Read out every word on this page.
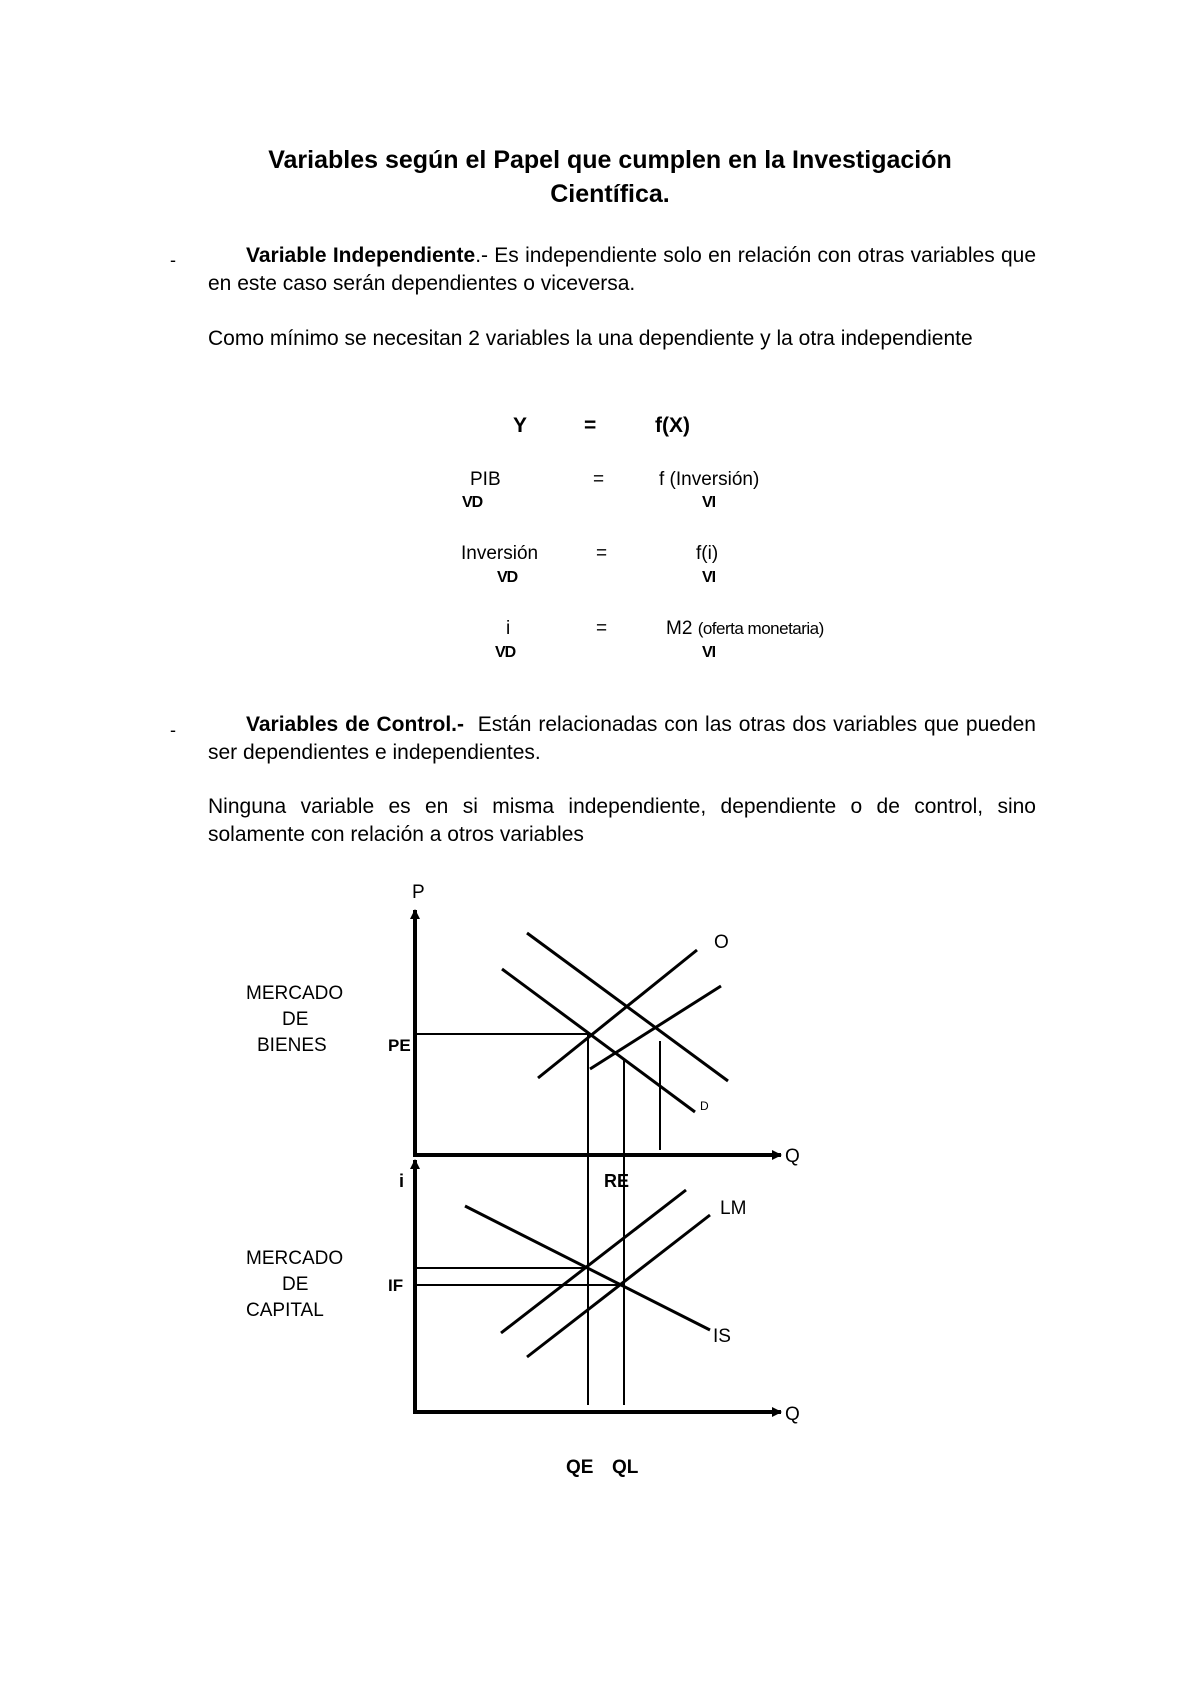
Variables según el Papel que cumplen en la Investigación
Científica.
-	Variable Independiente.- Es independiente solo en relación con otras variables que en este caso serán dependientes o viceversa.
Como mínimo se necesitan 2 variables la una dependiente y la otra independiente
Y	=	f(X)
PIB	=	f (Inversión)
VD	VI
Inversión	=	f(i)
VD	VI
i	=	M2 (oferta monetaria)
VD	VI
-	Variables de Control.- Están relacionadas con las otras dos variables que pueden ser dependientes e independientes.
Ninguna variable es en si misma independiente, dependiente o de control, sino solamente con relación a otros variables
P
O
D
PE
Q
i	RE
LM
IF
IS
Q
QE QL
MERCADO
DE
BIENES
MERCADO
DE
CAPITAL
